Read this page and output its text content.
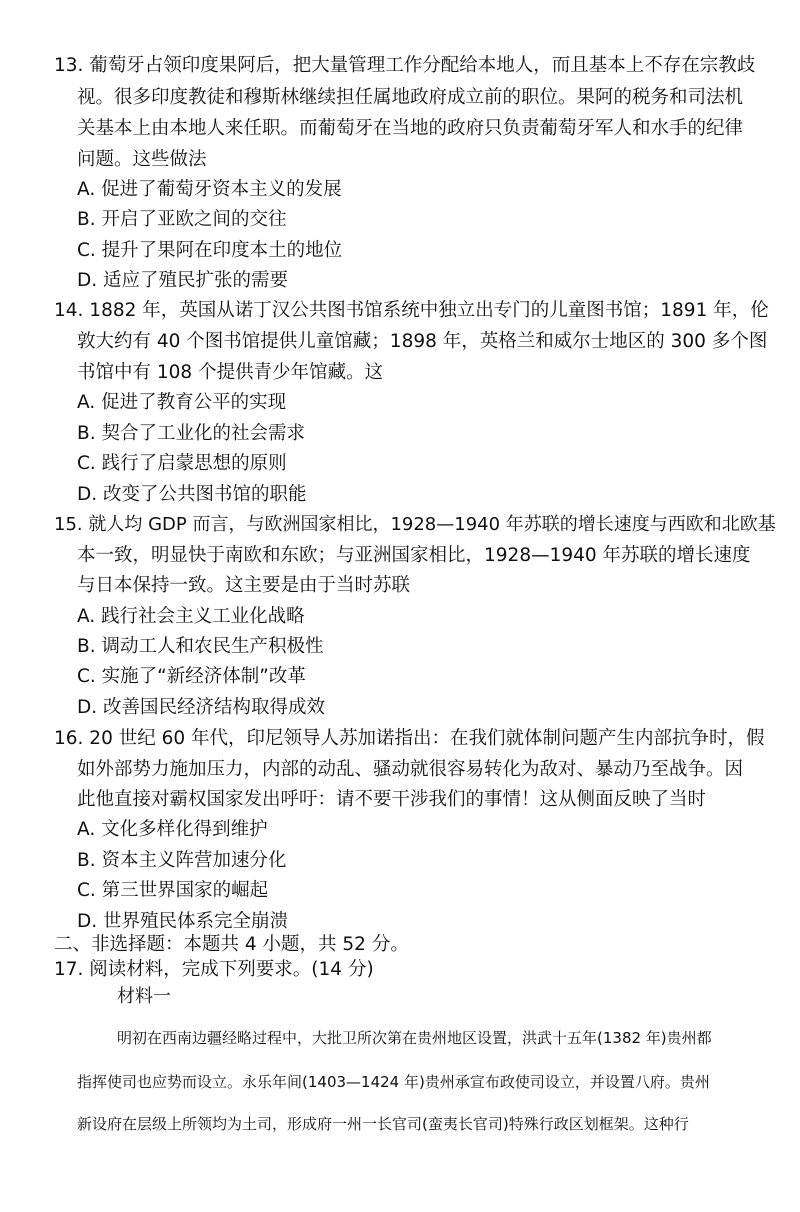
13. 葡萄牙占领印度果阿后，把大量管理工作分配给本地人，而且基本上不存在宗教歧
视。很多印度教徒和穆斯林继续担任属地政府成立前的职位。果阿的税务和司法机
关基本上由本地人来任职。而葡萄牙在当地的政府只负责葡萄牙军人和水手的纪律
问题。这些做法
A. 促进了葡萄牙资本主义的发展
B. 开启了亚欧之间的交往
C. 提升了果阿在印度本土的地位
D. 适应了殖民扩张的需要
14. 1882 年，英国从诺丁汉公共图书馆系统中独立出专门的儿童图书馆；1891 年，伦
敦大约有 40 个图书馆提供儿童馆藏；1898 年，英格兰和威尔士地区的 300 多个图
书馆中有 108 个提供青少年馆藏。这
A. 促进了教育公平的实现
B. 契合了工业化的社会需求
C. 践行了启蒙思想的原则
D. 改变了公共图书馆的职能
15. 就人均 GDP 而言，与欧洲国家相比，1928—1940 年苏联的增长速度与西欧和北欧基
本一致，明显快于南欧和东欧；与亚洲国家相比，1928—1940 年苏联的增长速度
与日本保持一致。这主要是由于当时苏联
A. 践行社会主义工业化战略
B. 调动工人和农民生产积极性
C. 实施了“新经济体制”改革
D. 改善国民经济结构取得成效
16. 20 世纪 60 年代，印尼领导人苏加诺指出：在我们就体制问题产生内部抗争时，假
如外部势力施加压力，内部的动乱、骚动就很容易转化为敌对、暴动乃至战争。因
此他直接对霸权国家发出呼吁：请不要干涉我们的事情！这从侧面反映了当时
A. 文化多样化得到维护
B. 资本主义阵营加速分化
C. 第三世界国家的崛起
D. 世界殖民体系完全崩溃
二、非选择题：本题共 4 小题，共 52 分。
17. 阅读材料，完成下列要求。(14 分)
材料一
明初在西南边疆经略过程中，大批卫所次第在贵州地区设置，洪武十五年(1382 年)贵州都
指挥使司也应势而设立。永乐年间(1403—1424 年)贵州承宣布政使司设立，并设置八府。贵州
新设府在层级上所领均为土司，形成府一州一长官司(蛮夷长官司)特殊行政区划框架。这种行
